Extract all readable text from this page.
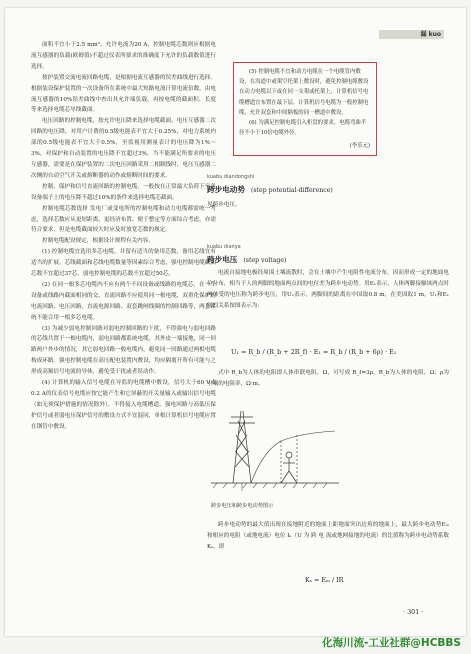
漏 kuo

面积不宜小于2.5 mm²，允许电流为20 A，控制电缆芯数则应根据电流互感器的负载(欧姆值)不超过仪表所要求的准确度下允许的负载数值进行选择。

按护装置交流电流回路电缆，是根据电流互感器的误差曲线进行选择。根据装设保护装置的一次设备所在系统中最大短路电流计算电流倍数，由电流互感器的10%误差曲线中查出其允许端负载，再按电缆的截面积、长度等来选择电缆芯导线截面。

电压回路的控制电缆，按允许电压降来选择电缆截面。电压互感器二次回路的电压降，对用户计费的0.5级电能表不宜大于0.25%，对电力系统内部的0.5级电能表不宜大于0.5%，至监视用测量表计的电压降为1%～3%，对保护和自动装置的电压降不宜超过3%。当不能满足所要求的电压互感器，需要是在保护装置的二次电压回路采用二相制线时，电压互感器二次侧的自动空气开关或熔断器的动作或熔断时间的要求。

控制、保护和信号直流回路的控制电缆，一般按在正常最大负荷下至各设备端子上的电压降不超过10%的条件来选择电缆芯截面。

控制电缆芯数选择 发电厂或变电所的控制电缆和动力电缆都需统一考虑，选择芯数应从更短距离、更经济布置、便于整定等方面综合考虑，亦需符合要求，但是电缆截面较大时应及时放宽芯数的规定。

控制电缆配设规定，根据设计规程有关内容。

(1) 控制电缆宜选用多芯电缆，并留有适当的备用芯数，备用芯线宜有适当的扩展，芯线截面和芯线电缆数量等因素综合考虑，强电控制电缆截面芯数不宜超过37芯，弱电控制电缆的芯数不宜超过50芯。

(2) 在同一根多芯电缆内不应有两个不同设备或线路的电缆芯，在一个设备或线路内截面相同的交、直流回路不应使用同一根电缆，双重化保护的电流回路、电压回路、直流电源回路、双套跳闸线圈的控制回路等，两套系统不能合用一根多芯电缆。

(3) 为减少弱电控制回路对弱电控制回路的干扰，不得强电与弱电回路的芯线共置于一根电缆内，弱电回路都系统电缆，其外皮一端接地，同一回路两户外步的情况，其它弱电回路一般电缆内，避免同一回路通过两根电缆构成环路。强电控制电缆在高压配电装置内敷设，均应隔离开所有可能与之形成高频信号电流的导体，避免受干扰或者误动作。

(4) 计算机的输入信号电缆在导监的电缆槽中敷设，信号大于60 V或0.2 A的仪表信号电缆应按它能产生和它屏蔽的开关量输入或输出信号电缆（如无须保护措施的情况除外），不得接入电缆槽道。强电回路与高低压保护信号或者弱电压保护信号的敷设方式不宜混同，单根计算机信号电缆应置在钢管中敷设。

(5) 控制电缆不宜和动力电缆在一个电缆管内敷设，在沟道中或架空托架上敷设时，避免控制电缆敷设在动力电缆以下或在同一支架或托架上，计算机信号电缆槽道宜布置在最下层。计算机信号电缆为一般控制电缆，允许双套和中间隔板的同一槽道中敷设。

(6) 为满足控制电缆引入柜盘的要求，电缆弯曲半径不小于10倍电缆外径。

(李乐元)
kuabu diandongshi
跨步电动势 (step potential-difference)
见跨步电压。
kuabu dianya
跨步电压 (step voltage)

电流自接地电极经周围土壤流散时，会在土壤中产生电阻性电流分布，因而形成一定的地面电位分布，相当于人的两脚的地面两点间的电位差为跨步电动势。用E₁表示，人体两脚接触该两点时两体受的电压称为跨步电压，用U₁表示，两脚间的距离在中国取0.8 m，在美国取1 m，U₁和E₁间的关系按图表示为：

U₁ = R_b / (R_b + 2R_f) · E₁ = R_b / (R_b + 6ρ) · E₁

式中 R_b为人体的电阻即人体串联电阻，Ω，可写成 R_f=3ρ，R_b为人体的电阻，Ω；ρ为土壤的电阻率，Ω·m。

跨步电压和跨步电动势图示

跨步电动势的最大值出现在接地附近的地面上距地面突出边角的地面上，最大跨步电动势Eₘ和相应的电阻（或地电流）电位 Iₖ（U 为 跨 电 流或地网接地的电流）的比值称为跨步电动势系数Kₛ，即

Kₛ = Eₘ / IR
· 301 ·
化海川流-工业社群@HCBBS
